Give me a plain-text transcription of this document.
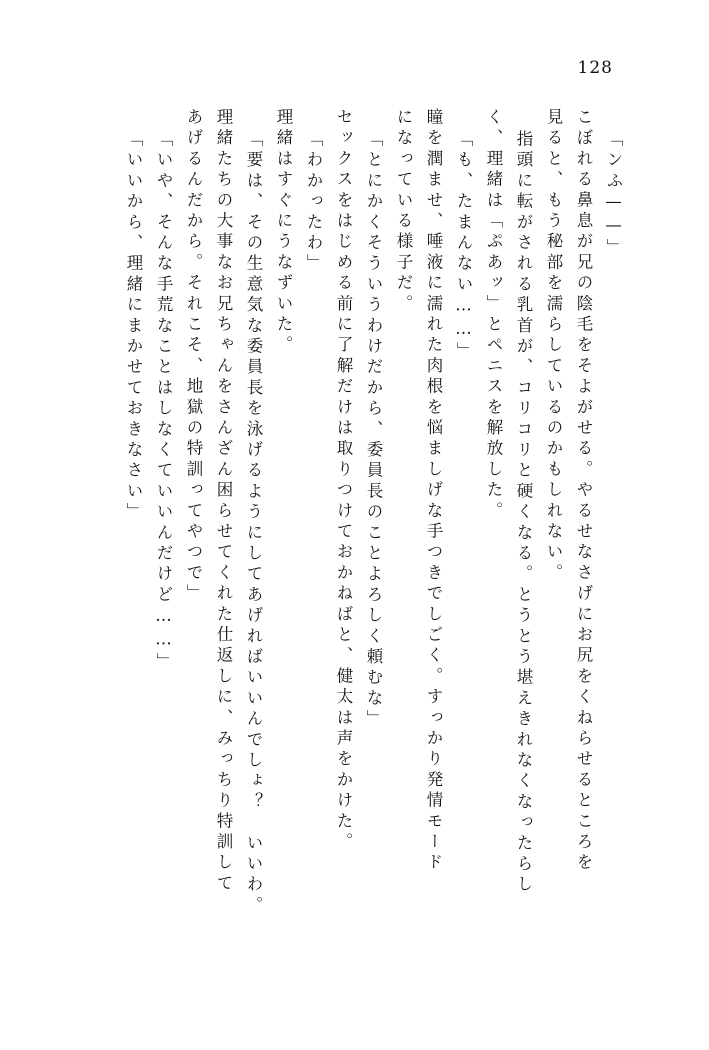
128
「ンふ——」
こぼれる鼻息が兄の陰毛をそよがせる。やるせなさげにお尻をくねらせるところを
見ると、もう秘部を濡らしているのかもしれない。
指頭に転がされる乳首が、コリコリと硬くなる。とうとう堪えきれなくなったらし
く、理緒は「ぷあッ」とペニスを解放した。
「も、たまんない……」
瞳を潤ませ、唾液に濡れた肉根を悩ましげな手つきでしごく。すっかり発情モード
になっている様子だ。
「とにかくそういうわけだから、委員長のことよろしく頼むな」
セックスをはじめる前に了解だけは取りつけておかねばと、健太は声をかけた。
「わかったわ」
理緒はすぐにうなずいた。
「要は、その生意気な委員長を泳げるようにしてあげればいいんでしょ？　いいわ。
理緒たちの大事なお兄ちゃんをさんざん困らせてくれた仕返しに、みっちり特訓して
あげるんだから。それこそ、地獄の特訓ってやつで」
「いや、そんな手荒なことはしなくていいんだけど……」
「いいから、理緒にまかせておきなさい」
